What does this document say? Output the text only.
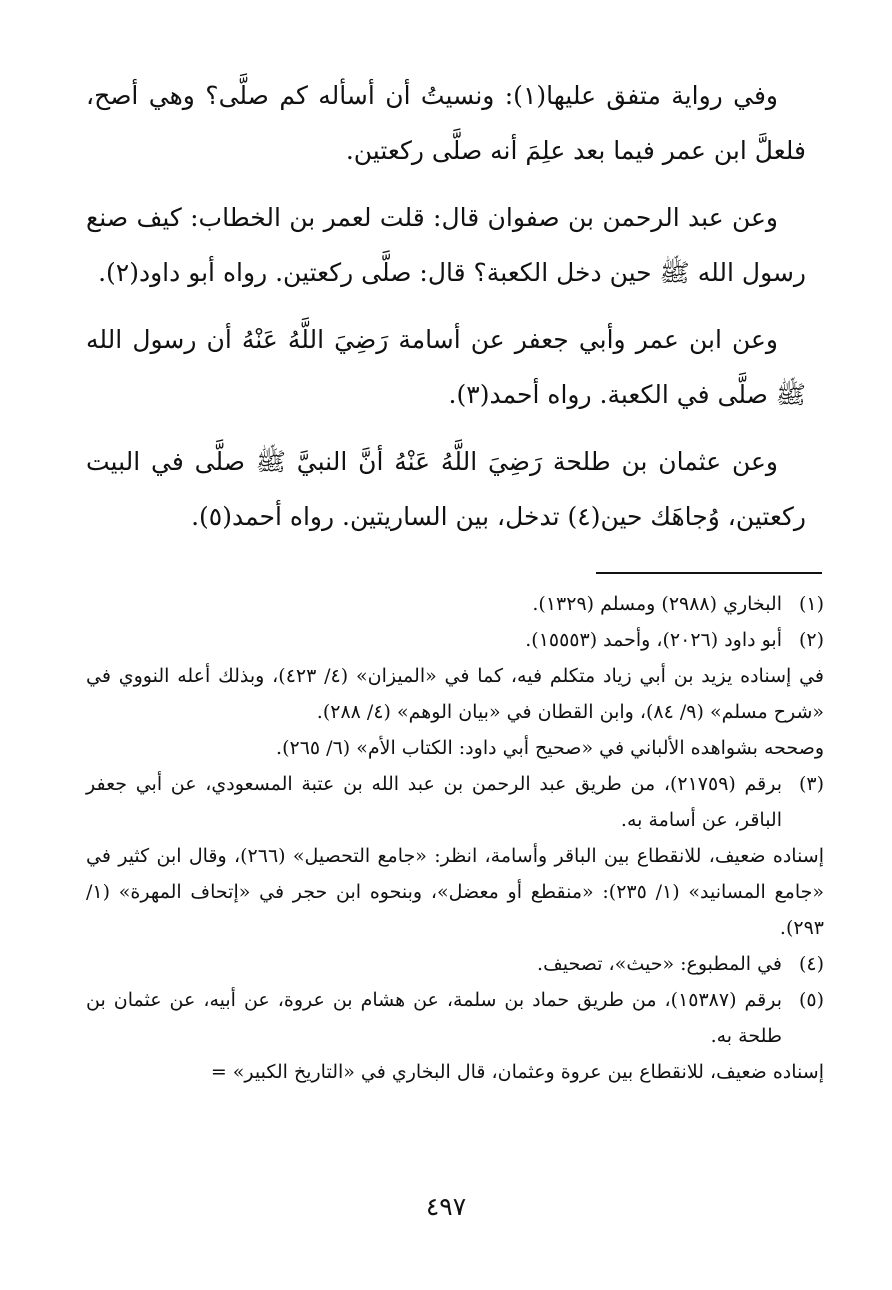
وفي رواية متفق عليها(١): ونسيتُ أن أسأله كم صلَّى؟ وهي أصح، فلعلَّ ابن عمر فيما بعد علِمَ أنه صلَّى ركعتين.

وعن عبد الرحمن بن صفوان قال: قلت لعمر بن الخطاب: كيف صنع رسول الله ﷺ حين دخل الكعبة؟ قال: صلَّى ركعتين. رواه أبو داود(٢).

وعن ابن عمر وأبي جعفر عن أسامة رَضِيَ اللَّهُ عَنْهُ أن رسول الله ﷺ صلَّى في الكعبة. رواه أحمد(٣).

وعن عثمان بن طلحة رَضِيَ اللَّهُ عَنْهُ أنَّ النبيَّ ﷺ صلَّى في البيت ركعتين، وُجاهَك حين(٤) تدخل، بين الساريتين. رواه أحمد(٥).

(١)
البخاري (٢٩٨٨) ومسلم (١٣٢٩).
(٢)
أبو داود (٢٠٢٦)، وأحمد (١٥٥٥٣).
في إسناده يزيد بن أبي زياد متكلم فيه، كما في «الميزان» (٤/ ٤٢٣)، وبذلك أعله النووي في «شرح مسلم» (٩/ ٨٤)، وابن القطان في «بيان الوهم» (٤/ ٢٨٨).
وصححه بشواهده الألباني في «صحيح أبي داود: الكتاب الأم» (٦/ ٢٦٥).
(٣)
برقم (٢١٧٥٩)، من طريق عبد الرحمن بن عبد الله بن عتبة المسعودي، عن أبي جعفر الباقر، عن أسامة به.
إسناده ضعيف، للانقطاع بين الباقر وأسامة، انظر: «جامع التحصيل» (٢٦٦)، وقال ابن كثير في «جامع المسانيد» (١/ ٢٣٥): «منقطع أو معضل»، وبنحوه ابن حجر في «إتحاف المهرة» (١/ ٢٩٣).
(٤)
في المطبوع: «حيث»، تصحيف.
(٥)
برقم (١٥٣٨٧)، من طريق حماد بن سلمة، عن هشام بن عروة، عن أبيه، عن عثمان بن طلحة به.
إسناده ضعيف، للانقطاع بين عروة وعثمان، قال البخاري في «التاريخ الكبير» =
٤٩٧
